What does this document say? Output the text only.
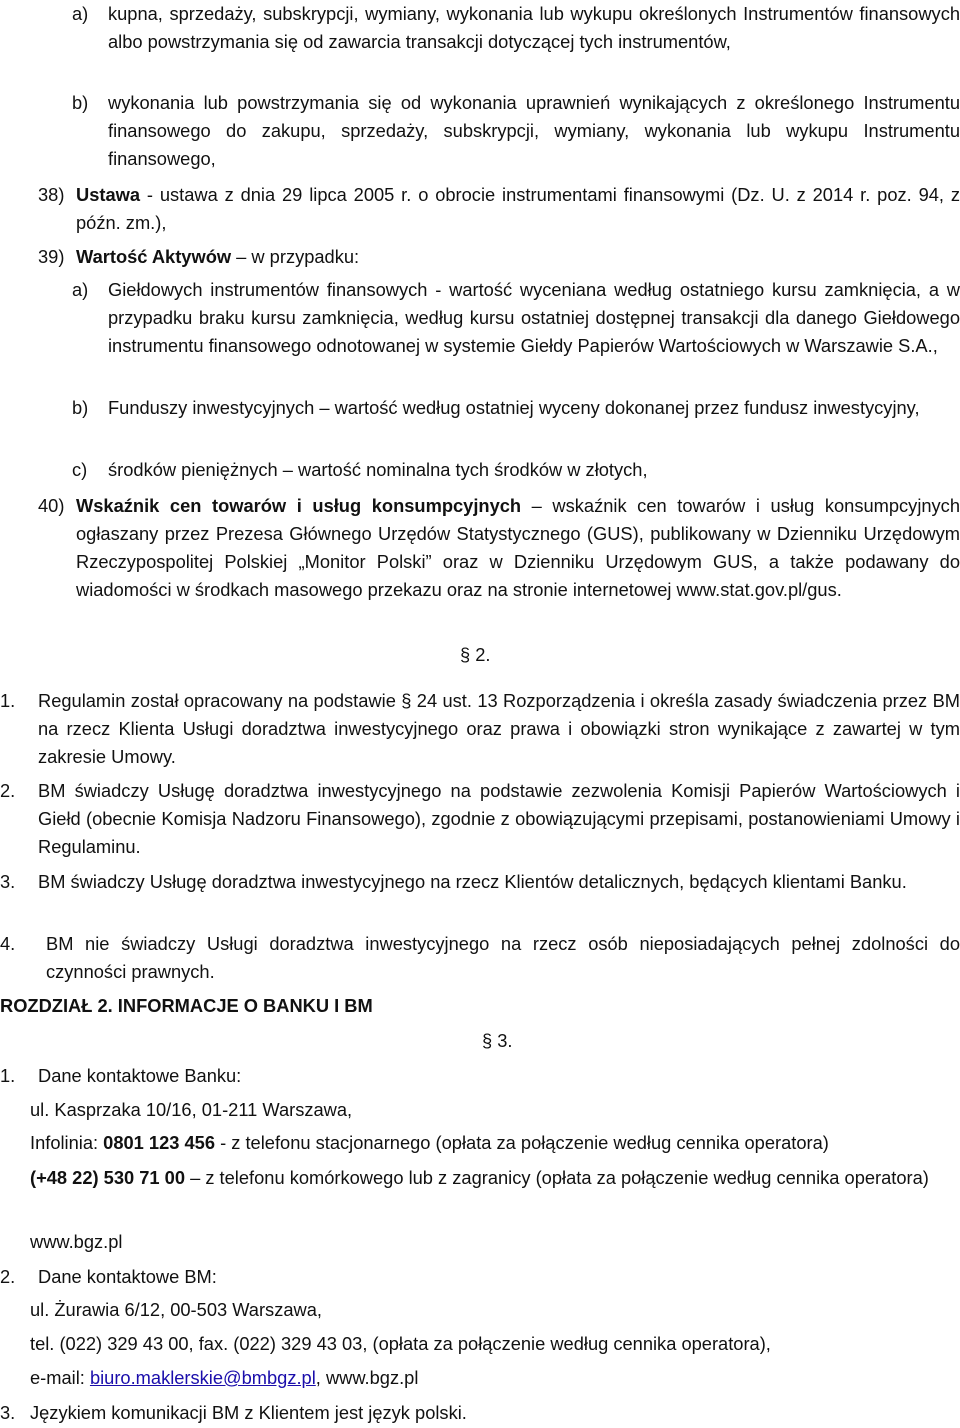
a) kupna, sprzedaży, subskrypcji, wymiany, wykonania lub wykupu określonych Instrumentów finansowych albo powstrzymania się od zawarcia transakcji dotyczącej tych instrumentów,
b) wykonania lub powstrzymania się od wykonania uprawnień wynikających z określonego Instrumentu finansowego do zakupu, sprzedaży, subskrypcji, wymiany, wykonania lub wykupu Instrumentu finansowego,
38) Ustawa - ustawa z dnia 29 lipca 2005 r. o obrocie instrumentami finansowymi (Dz. U. z 2014 r. poz. 94, z późn. zm.),
39) Wartość Aktywów – w przypadku:
a) Giełdowych instrumentów finansowych - wartość wyceniana według ostatniego kursu zamknięcia, a w przypadku braku kursu zamknięcia, według kursu ostatniej dostępnej transakcji dla danego Giełdowego instrumentu finansowego odnotowanej w systemie Giełdy Papierów Wartościowych w Warszawie S.A.,
b) Funduszy inwestycyjnych – wartość według ostatniej wyceny dokonanej przez fundusz inwestycyjny,
c) środków pieniężnych – wartość nominalna tych środków w złotych,
40) Wskaźnik cen towarów i usług konsumpcyjnych – wskaźnik cen towarów i usług konsumpcyjnych ogłaszany przez Prezesa Głównego Urzędów Statystycznego (GUS), publikowany w Dzienniku Urzędowym Rzeczypospolitej Polskiej „Monitor Polski” oraz w Dzienniku Urzędowym GUS, a także podawany do wiadomości w środkach masowego przekazu oraz na stronie internetowej www.stat.gov.pl/gus.
§ 2.
1. Regulamin został opracowany na podstawie § 24 ust. 13 Rozporządzenia i określa zasady świadczenia przez BM na rzecz Klienta Usługi doradztwa inwestycyjnego oraz prawa i obowiązki stron wynikające z zawartej w tym zakresie Umowy.
2. BM świadczy Usługę doradztwa inwestycyjnego na podstawie zezwolenia Komisji Papierów Wartościowych i Giełd (obecnie Komisja Nadzoru Finansowego), zgodnie z obowiązującymi przepisami, postanowieniami Umowy i Regulaminu.
3. BM świadczy Usługę doradztwa inwestycyjnego na rzecz Klientów detalicznych, będących klientami Banku.
4. BM nie świadczy Usługi doradztwa inwestycyjnego na rzecz osób nieposiadających pełnej zdolności do czynności prawnych.
ROZDZIAŁ 2. INFORMACJE O BANKU I BM
§ 3.
1. Dane kontaktowe Banku:
ul. Kasprzaka 10/16, 01-211 Warszawa,
Infolinia: 0801 123 456 - z telefonu stacjonarnego (opłata za połączenie według cennika operatora)
(+48 22) 530 71 00 – z telefonu komórkowego lub z zagranicy (opłata za połączenie według cennika operatora)
www.bgz.pl
2. Dane kontaktowe BM:
ul. Żurawia 6/12, 00-503 Warszawa,
tel. (022) 329 43 00, fax. (022) 329 43 03, (opłata za połączenie według cennika operatora),
e-mail: biuro.maklerskie@bmbgz.pl, www.bgz.pl
3. Językiem komunikacji BM z Klientem jest język polski.
